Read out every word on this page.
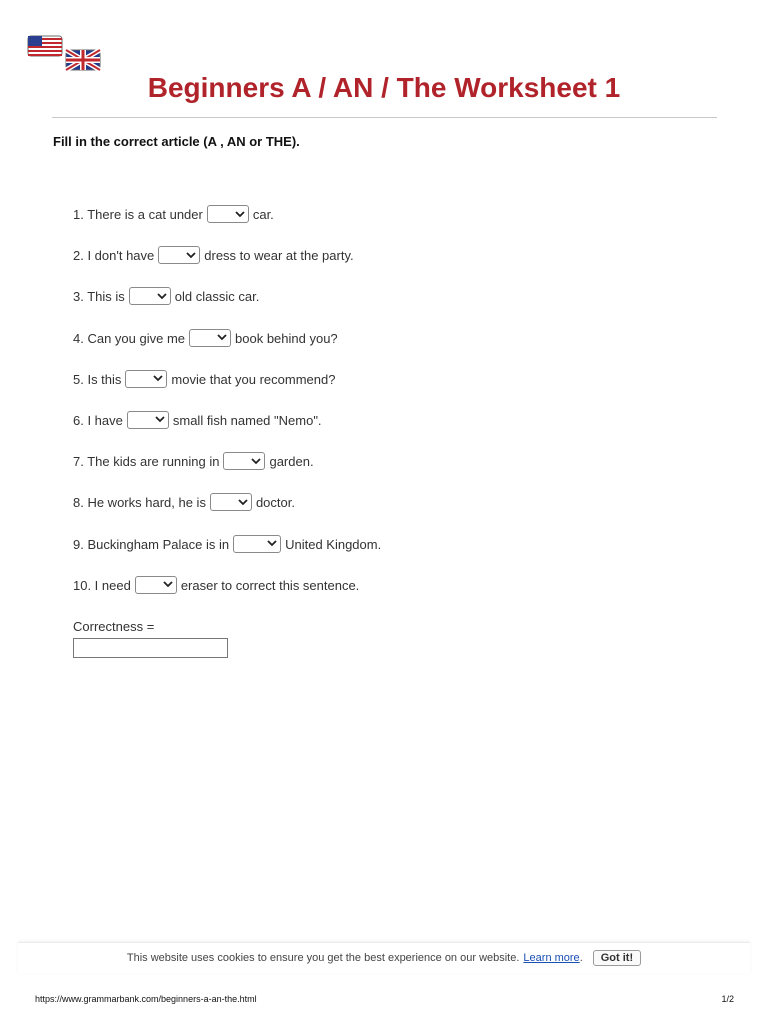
Beginners A / AN / The Worksheet 1
Fill in the correct article (A , AN or THE).
1. There is a cat under	car.
2. I don't have	dress to wear at the party.
3. This is	old classic car.
4. Can you give me	book behind you?
5. Is this	movie that you recommend?
6. I have	small fish named "Nemo".
7. The kids are running in	garden.
8. He works hard, he is	doctor.
9. Buckingham Palace is in	United Kingdom.
10. I need	eraser to correct this sentence.
Correctness =
This website uses cookies to ensure you get the best experience on our website. Learn more .	Got it!
https://www.grammarbank.com/beginners-a-an-the.html	1/2
